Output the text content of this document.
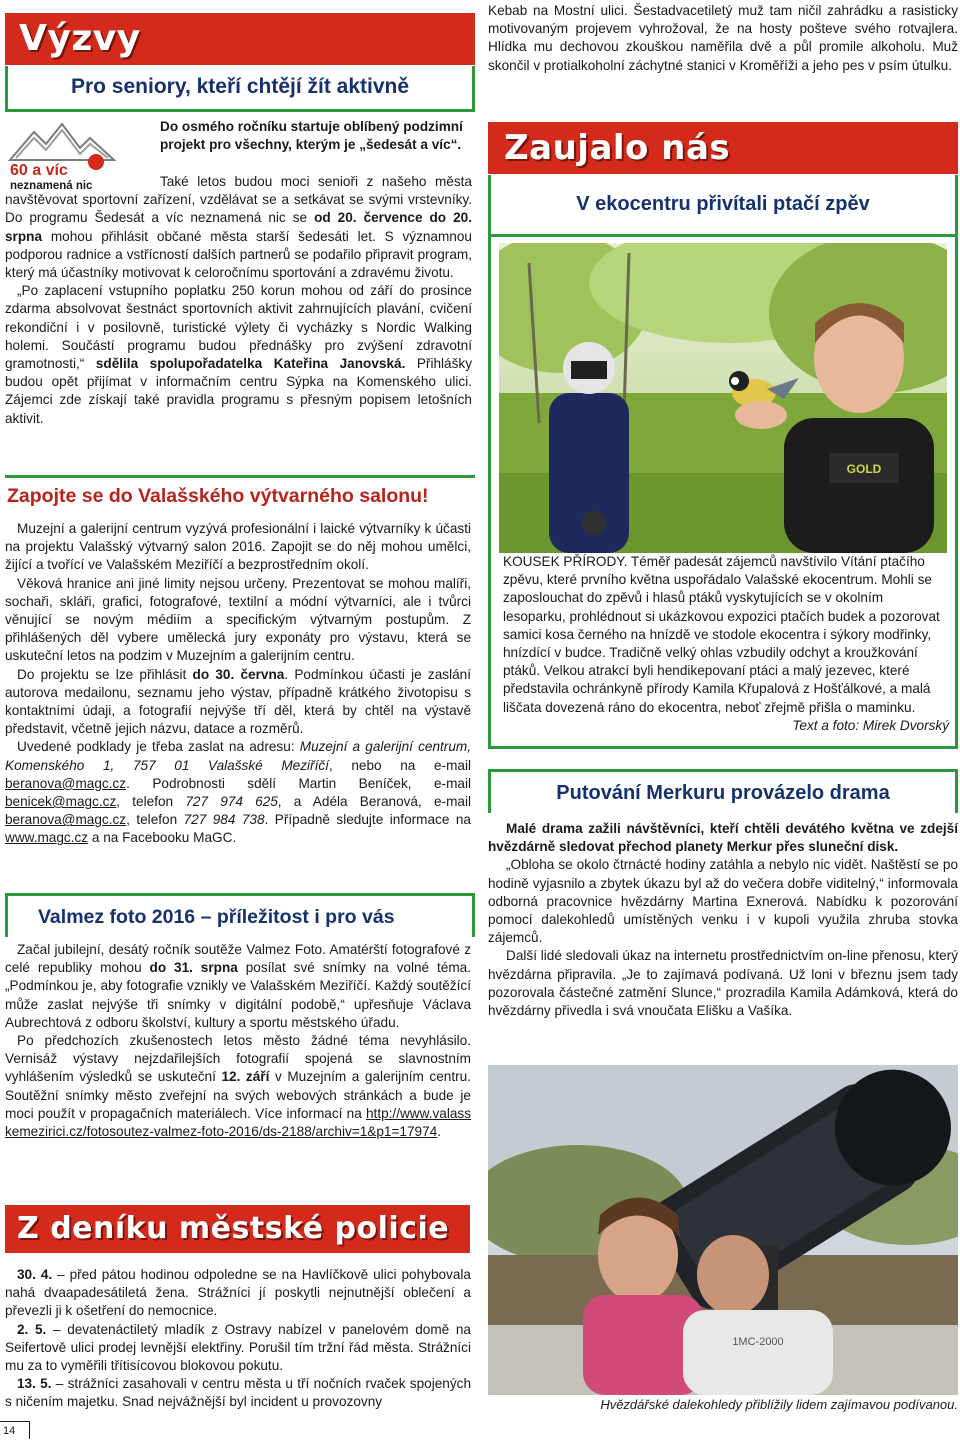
Výzvy
Pro seniory, kteří chtějí žít aktivně
60 a víc
neznamená nic
Do osmého ročníku startuje oblíbený podzimní projekt pro všechny, kterým je „šedesát a víc“.

Také letos budou moci senioři z našeho města navštěvovat sportovní zařízení, vzdělávat se a setkávat se svými vrstevníky. Do programu Šedesát a víc neznamená nic se od 20. července do 20. srpna mohou přihlásit občané města starší šedesáti let. S významnou podporou radnice a vstřícností dalších partnerů se podařilo připravit program, který má účastníky motivovat k celoročnímu sportování a zdravému životu.

„Po zaplacení vstupního poplatku 250 korun mohou od září do prosince zdarma absolvovat šestnáct sportovních aktivit zahrnujících plavání, cvičení rekondiční i v posilovně, turistické výlety či vycházky s Nordic Walking holemi. Součástí programu budou přednášky pro zvýšení zdravotní gramotnosti,“ sdělila spolupořadatelka Kateřina Janovská. Přihlášky budou opět přijímat v informačním centru Sýpka na Komenského ulici. Zájemci zde získají také pravidla programu s přesným popisem letošních aktivit.

Zapojte se do Valašského výtvarného salonu!

Muzejní a galerijní centrum vyzývá profesionální i laické výtvarníky k účasti na projektu Valašský výtvarný salon 2016. Zapojit se do něj mohou umělci, žijící a tvořící ve Valašském Meziříčí a bezprostředním okolí.

Věková hranice ani jiné limity nejsou určeny. Prezentovat se mohou malíři, sochaři, skláři, grafici, fotografové, textilní a módní výtvarníci, ale i tvůrci věnující se novým médiím a specifickým výtvarným postupům. Z přihlášených děl vybere umělecká jury exponáty pro výstavu, která se uskuteční letos na podzim v Muzejním a galerijním centru.

Do projektu se lze přihlásit do 30. června. Podmínkou účasti je zaslání autorova medailonu, seznamu jeho výstav, případně krátkého životopisu s kontaktními údaji, a fotografií nejvýše tří děl, která by chtěl na výstavě představit, včetně jejich názvu, datace a rozměrů.

Uvedené podklady je třeba zaslat na adresu: Muzejní a galerijní centrum, Komenského 1, 757 01 Valašské Meziříčí, nebo na e-mail beranova@magc.cz. Podrobnosti sdělí Martin Beníček, e-mail benicek@magc.cz, telefon 727 974 625, a Adéla Beranová, e-mail beranova@magc.cz, telefon 727 984 738. Případně sledujte informace na www.magc.cz a na Facebooku MaGC.

Valmez foto 2016 – příležitost i pro vás

Začal jubilejní, desátý ročník soutěže Valmez Foto. Amatérští fotografové z celé republiky mohou do 31. srpna posílat své snímky na volné téma. „Podmínkou je, aby fotografie vznikly ve Valašském Meziříčí. Každý soutěžící může zaslat nejvýše tři snímky v digitální podobě,“ upřesňuje Václava Aubrechtová z odboru školství, kultury a sportu městského úřadu.

Po předchozích zkušenostech letos město žádné téma nevyhlásilo. Vernisáž výstavy nejzdařilejších fotografií spojená se slavnostním vyhlášením výsledků se uskuteční 12. září v Muzejním a galerijním centru. Soutěžní snímky město zveřejní na svých webových stránkách a bude je moci použít v propagačních materiálech. Více informací na http://www.valasskemezirici.cz/fotosoutez-valmez-foto-2016/ds-2188/archiv=1&p1=17974.

Z deníku městské policie

30. 4. – před pátou hodinou odpoledne se na Havlíčkově ulici pohybovala nahá dvaapadesátiletá žena. Strážníci jí poskytli nejnutnější oblečení a převezli ji k ošetření do nemocnice.

2. 5. – devatenáctiletý mladík z Ostravy nabízel v panelovém domě na Seifertově ulici prodej levnější elektřiny. Porušil tím tržní řád města. Strážníci mu za to vyměřili třítisícovou blokovou pokutu.

13. 5. – strážníci zasahovali v centru města u tří nočních rvaček spojených s ničením majetku. Snad nejvážnější byl incident u provozovny

14

Kebab na Mostní ulici. Šestadvacetiletý muž tam ničil zahrádku a rasisticky motivovaným projevem vyhrožoval, že na hosty pošteve svého rotvajlera. Hlídka mu dechovou zkouškou naměřila dvě a půl promile alkoholu. Muž skončil v protialkoholní záchytné stanici v Kroměříži a jeho pes v psím útulku.

Zaujalo nás
V ekocentru přivítali ptačí zpěv
GOLD

KOUSEK PŘÍRODY. Téměř padesát zájemců navštívilo Vítání ptačího zpěvu, které prvního května uspořádalo Valašské ekocentrum. Mohli se zaposlouchat do zpěvů i hlasů ptáků vyskytujících se v okolním lesoparku, prohlédnout si ukázkovou expozici ptačích budek a pozorovat samici kosa černého na hnízdě ve stodole ekocentra i sýkory modřinky, hnízdící v budce. Tradičně velký ohlas vzbudily odchyt a kroužkování ptáků. Velkou atrakcí byli hendikepovaní ptáci a malý jezevec, které představila ochránkyně přírody Kamila Křupalová z Hošťálkové, a malá liščata dovezená ráno do ekocentra, neboť zřejmě přišla o maminku.
Text a foto: Mirek Dvorský

Putování Merkuru provázelo drama

Malé drama zažili návštěvníci, kteří chtěli devátého května ve zdejší hvězdárně sledovat přechod planety Merkur přes sluneční disk.

„Obloha se okolo čtrnácté hodiny zatáhla a nebylo nic vidět. Naštěstí se po hodině vyjasnilo a zbytek úkazu byl až do večera dobře viditelný,“ informovala odborná pracovnice hvězdárny Martina Exnerová. Nabídku k pozorování pomocí dalekohledů umístěných venku i v kupoli využila zhruba stovka zájemců.

Další lidé sledovali úkaz na internetu prostřednictvím on-line přenosu, který hvězdárna připravila. „Je to zajímavá podívaná. Už loni v březnu jsem tady pozorovala částečné zatmění Slunce,“ prozradila Kamila Adámková, která do hvězdárny přivedla i svá vnoučata Elišku a Vašíka.

1MC-2000
Hvězdářské dalekohledy přiblížily lidem zajímavou podívanou.
